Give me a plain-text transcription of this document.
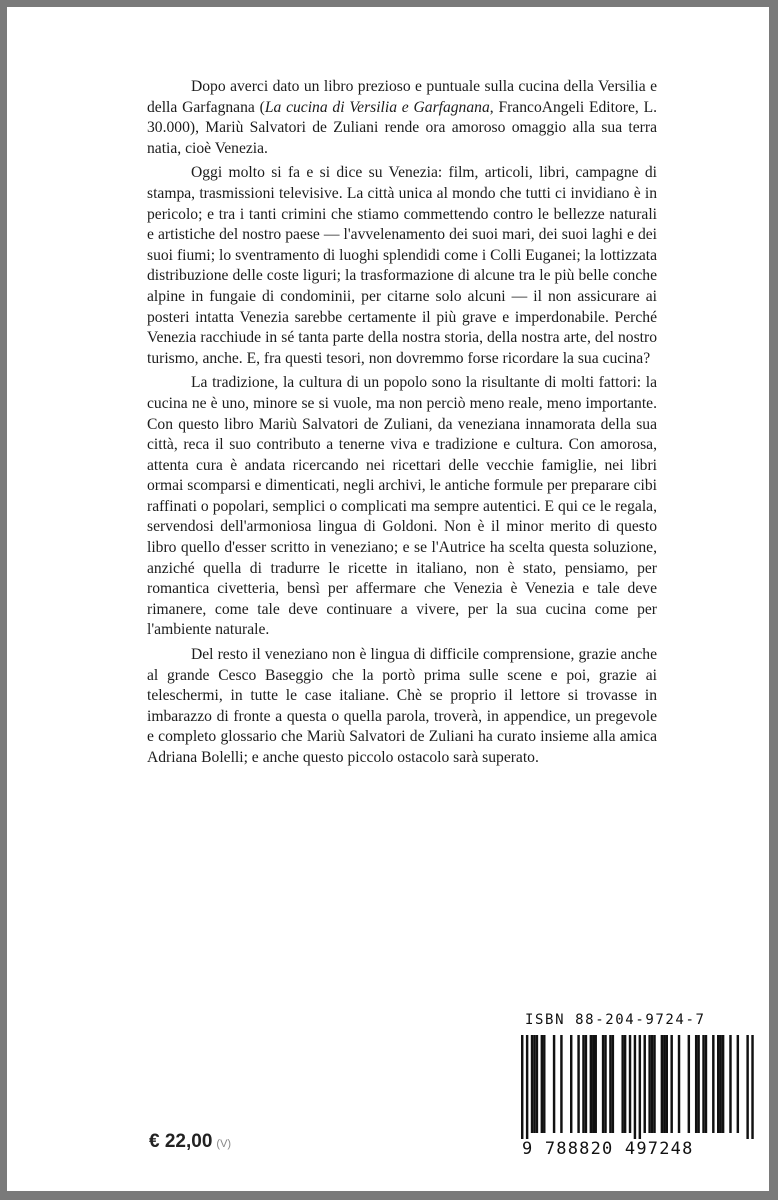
Dopo averci dato un libro prezioso e puntuale sulla cucina della Versilia e della Garfagnana (La cucina di Versilia e Garfagnana, FrancoAngeli Editore, L. 30.000), Mariù Salvatori de Zuliani rende ora amoroso omaggio alla sua terra natia, cioè Venezia.

Oggi molto si fa e si dice su Venezia: film, articoli, libri, campagne di stampa, trasmissioni televisive. La città unica al mondo che tutti ci invidiano è in pericolo; e tra i tanti crimini che stiamo commettendo contro le bellezze naturali e artistiche del nostro paese — l'avvelenamento dei suoi mari, dei suoi laghi e dei suoi fiumi; lo sventramento di luoghi splendidi come i Colli Euganei; la lottizzata distribuzione delle coste liguri; la trasformazione di alcune tra le più belle conche alpine in fungaie di condominii, per citarne solo alcuni — il non assicurare ai posteri intatta Venezia sarebbe certamente il più grave e imperdonabile. Perché Venezia racchiude in sé tanta parte della nostra storia, della nostra arte, del nostro turismo, anche. E, fra questi tesori, non dovremmo forse ricordare la sua cucina?

La tradizione, la cultura di un popolo sono la risultante di molti fattori: la cucina ne è uno, minore se si vuole, ma non perciò meno reale, meno importante. Con questo libro Mariù Salvatori de Zuliani, da veneziana innamorata della sua città, reca il suo contributo a tenerne viva e tradizione e cultura. Con amorosa, attenta cura è andata ricercando nei ricettari delle vecchie famiglie, nei libri ormai scomparsi e dimenticati, negli archivi, le antiche formule per preparare cibi raffinati o popolari, semplici o complicati ma sempre autentici. E qui ce le regala, servendosi dell'armoniosa lingua di Goldoni. Non è il minor merito di questo libro quello d'esser scritto in veneziano; e se l'Autrice ha scelta questa soluzione, anziché quella di tradurre le ricette in italiano, non è stato, pensiamo, per romantica civetteria, bensì per affermare che Venezia è Venezia e tale deve rimanere, come tale deve continuare a vivere, per la sua cucina come per l'ambiente naturale.

Del resto il veneziano non è lingua di difficile comprensione, grazie anche al grande Cesco Baseggio che la portò prima sulle scene e poi, grazie ai teleschermi, in tutte le case italiane. Chè se proprio il lettore si trovasse in imbarazzo di fronte a questa o quella parola, troverà, in appendice, un pregevole e completo glossario che Mariù Salvatori de Zuliani ha curato insieme alla amica Adriana Bolelli; e anche questo piccolo ostacolo sarà superato.

€ 22,00 (V)
ISBN 88-204-9724-7
9 788820 497248
